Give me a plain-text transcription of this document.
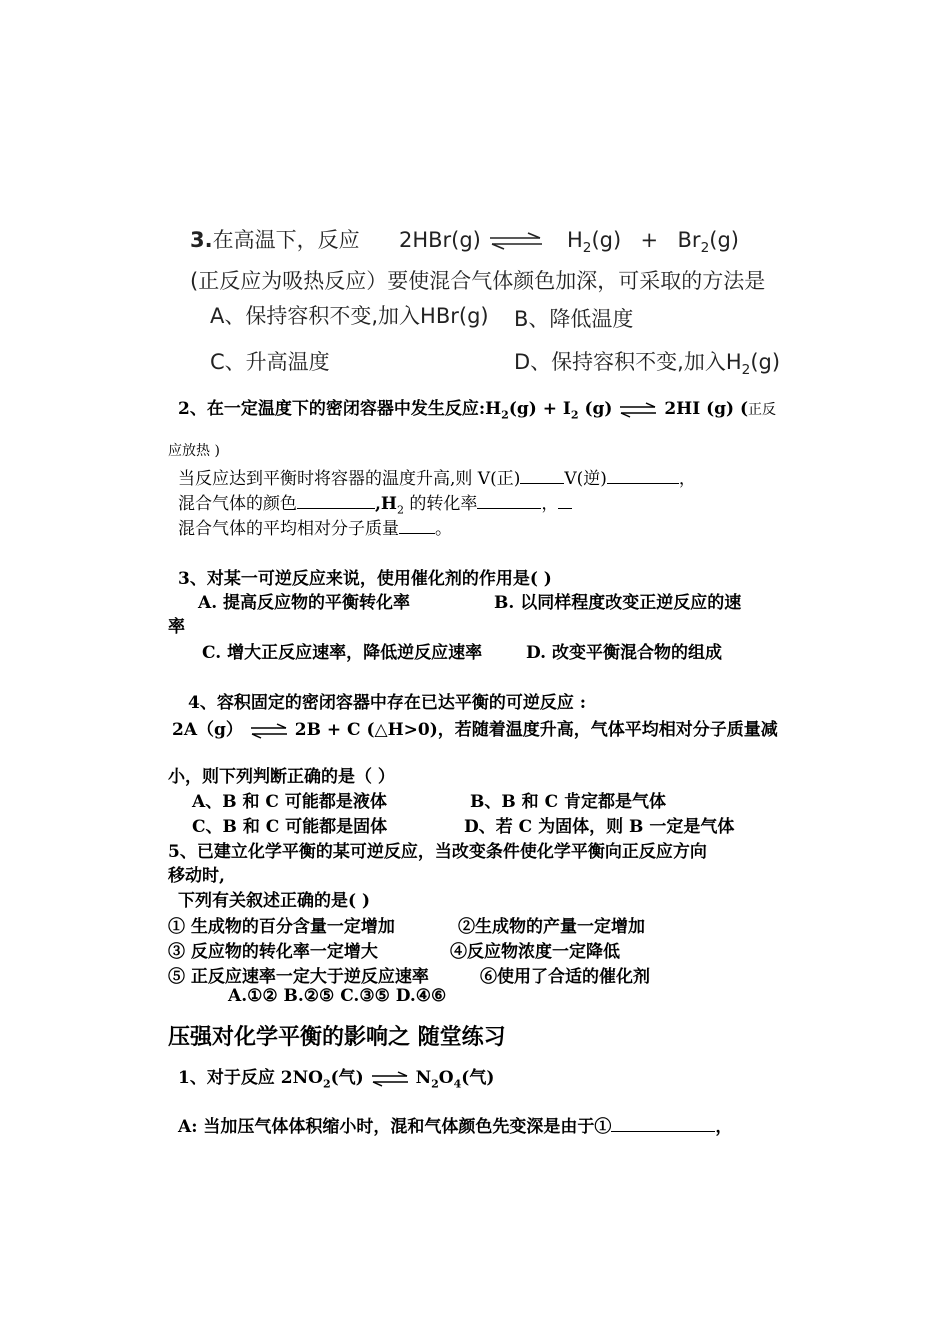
3.在高温下，反应 2HBr(g) ⇌ $H_2(g) + Br_2(g)$
(正反应为吸热反应）要使混合气体颜色加深，可采取的方法是
A、保持容积不变,加入HBr(g) B、降低温度
C、升高温度	D、保持容积不变,加入$H_2(g)$
2、在一定温度下的密闭容器中发生反应$:H_2(g) + I_2$ (g) ⇌ 2HI (g) (正反
应放热 )
当反应达到平衡时将容器的温度升高,则 V(正)	V(逆)	，
混合气体的颜色	$,H_2$ 的转化率	，
混合气体的平均相对分子质量 。
3、对某一可逆反应来说，使用催化剂的作用是( )
A. 提高反应物的平衡转化率	B. 以同样程度改变正逆反应的速
率
C. 增大正反应速率，降低逆反应速率	D. 改变平衡混合物的组成
4、容积固定的密闭容器中存在已达平衡的可逆反应 :
2A（g） ⇌ 2B + C (△H>0)，若随着温度升高，气体平均相对分子质量减
小，则下列判断正确的是（ ）
A、B 和 C 可能都是液体	B、B 和 C 肯定都是气体
C、B 和 C 可能都是固体	D、若 C 为固体，则 B 一定是气体
5、已建立化学平衡的某可逆反应，当改变条件使化学平衡向正反应方向
移动时,
下列有关叙述正确的是( )
① 生成物的百分含量一定增加	②生成物的产量一定增加
③ 反应物的转化率一定增大	④反应物浓度一定降低
⑤ 正反应速率一定大于逆反应速率	⑥使用了合适的催化剂
A.①② B.②⑤ C.③⑤ D.④⑥
压强对化学平衡的影响之 随堂练习
1、对于反应 $2NO_2$(气) ⇌ $N_2O_4$(气)
A: 当加压气体体积缩小时，混和气体颜色先变深是由于①	，
